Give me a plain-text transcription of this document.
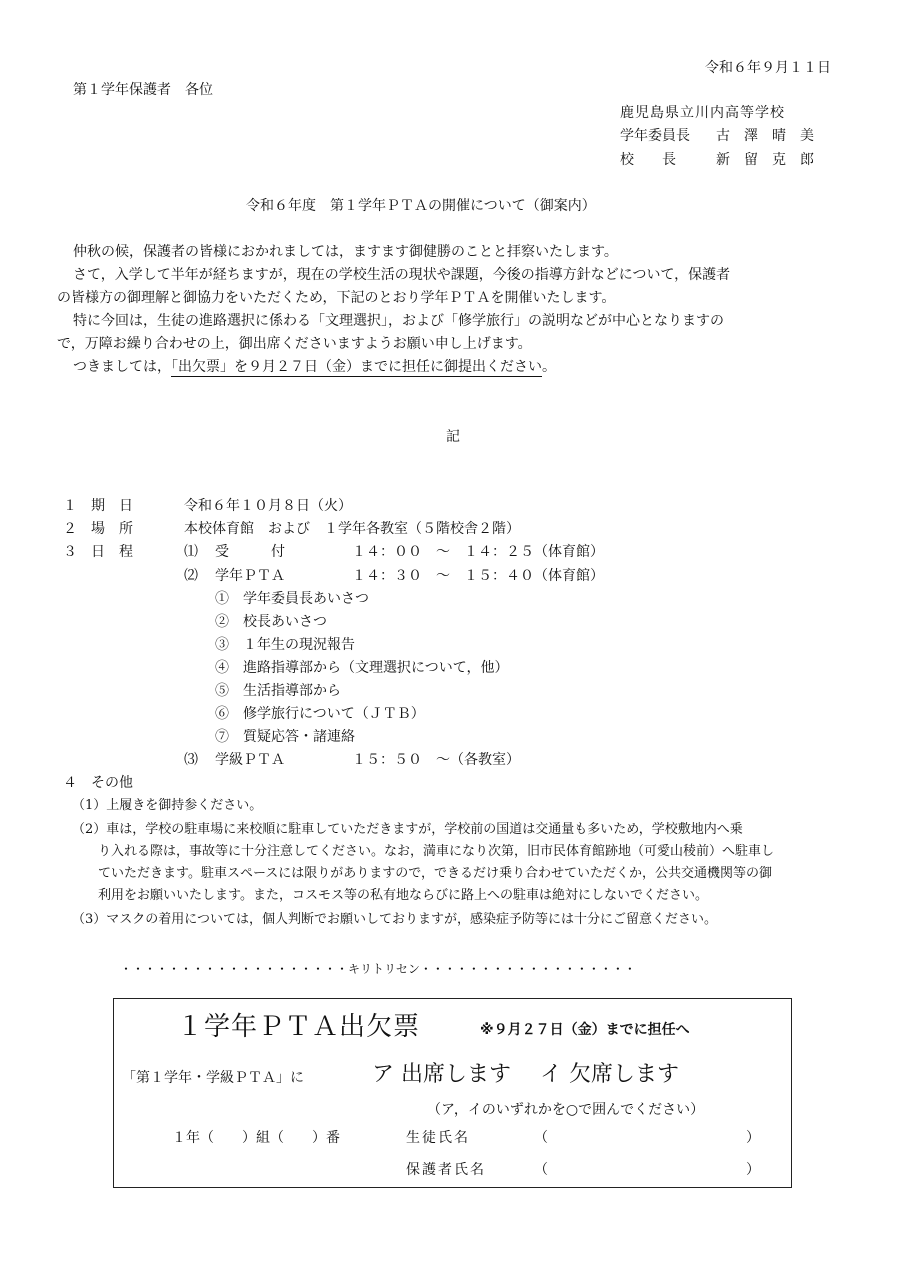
令和６年９月１１日
第１学年保護者　各位
鹿児島県立川内高等学校
学年委員長 古　澤　晴　美
校　　長	新　留　克　郎
令和６年度　第１学年ＰＴＡの開催について（御案内）
仲秋の候，保護者の皆様におかれましては，ますます御健勝のことと拝察いたします。
さて，入学して半年が経ちますが，現在の学校生活の現状や課題，今後の指導方針などについて，保護者
の皆様方の御理解と御協力をいただくため，下記のとおり学年ＰＴＡを開催いたします。
特に今回は，生徒の進路選択に係わる「文理選択」，および「修学旅行」の説明などが中心となりますの
で，万障お繰り合わせの上，御出席くださいますようお願い申し上げます。
つきましては，「出欠票」を９月２７日（金）までに担任に御提出ください。
記
１ 期　日	令和６年１０月８日（火）
２ 場　所	本校体育館　および　１学年各教室（５階校舎２階）
３ 日　程	⑴ 受　　　付	１４：００　～　１４：２５（体育館）
⑵ 学年ＰＴＡ	１４：３０　～　１５：４０（体育館）
①　 学年委員長あいさつ
②　 校長あいさつ
③　 １年生の現況報告
④　 進路指導部から（文理選択について，他）
⑤　 生活指導部から
⑥　 修学旅行について（ＪＴＢ）
⑦　 質疑応答・諸連絡
⑶ 学級ＰＴＡ	１５：５０　～（各教室）
４　その他
（1）上履きを御持参ください。
（2）車は，学校の駐車場に来校順に駐車していただきますが，学校前の国道は交通量も多いため，学校敷地内へ乗
り入れる際は，事故等に十分注意してください。なお，満車になり次第，旧市民体育館跡地（可愛山稜前）へ駐車し
ていただきます。駐車スペースには限りがありますので，できるだけ乗り合わせていただくか，公共交通機関等の御
利用をお願いいたします。また，コスモス等の私有地ならびに路上への駐車は絶対にしないでください。
（3）マスクの着用については，個人判断でお願いしておりますが，感染症予防等には十分にご留意ください。
・・・・・・・・・・・・・・・・・・・キリトリセン・・・・・・・・・・・・・・・・・・
１学年ＰＴＡ出欠票	※９月２７日（金）までに担任へ
「第１学年・学級ＰＴＡ」に	ア 出席します　 イ 欠席します
（ア，イのいずれかを○で囲んでください）
１年（　　）組（　　）番	生徒氏名	（	）
保護者氏名	（	）
